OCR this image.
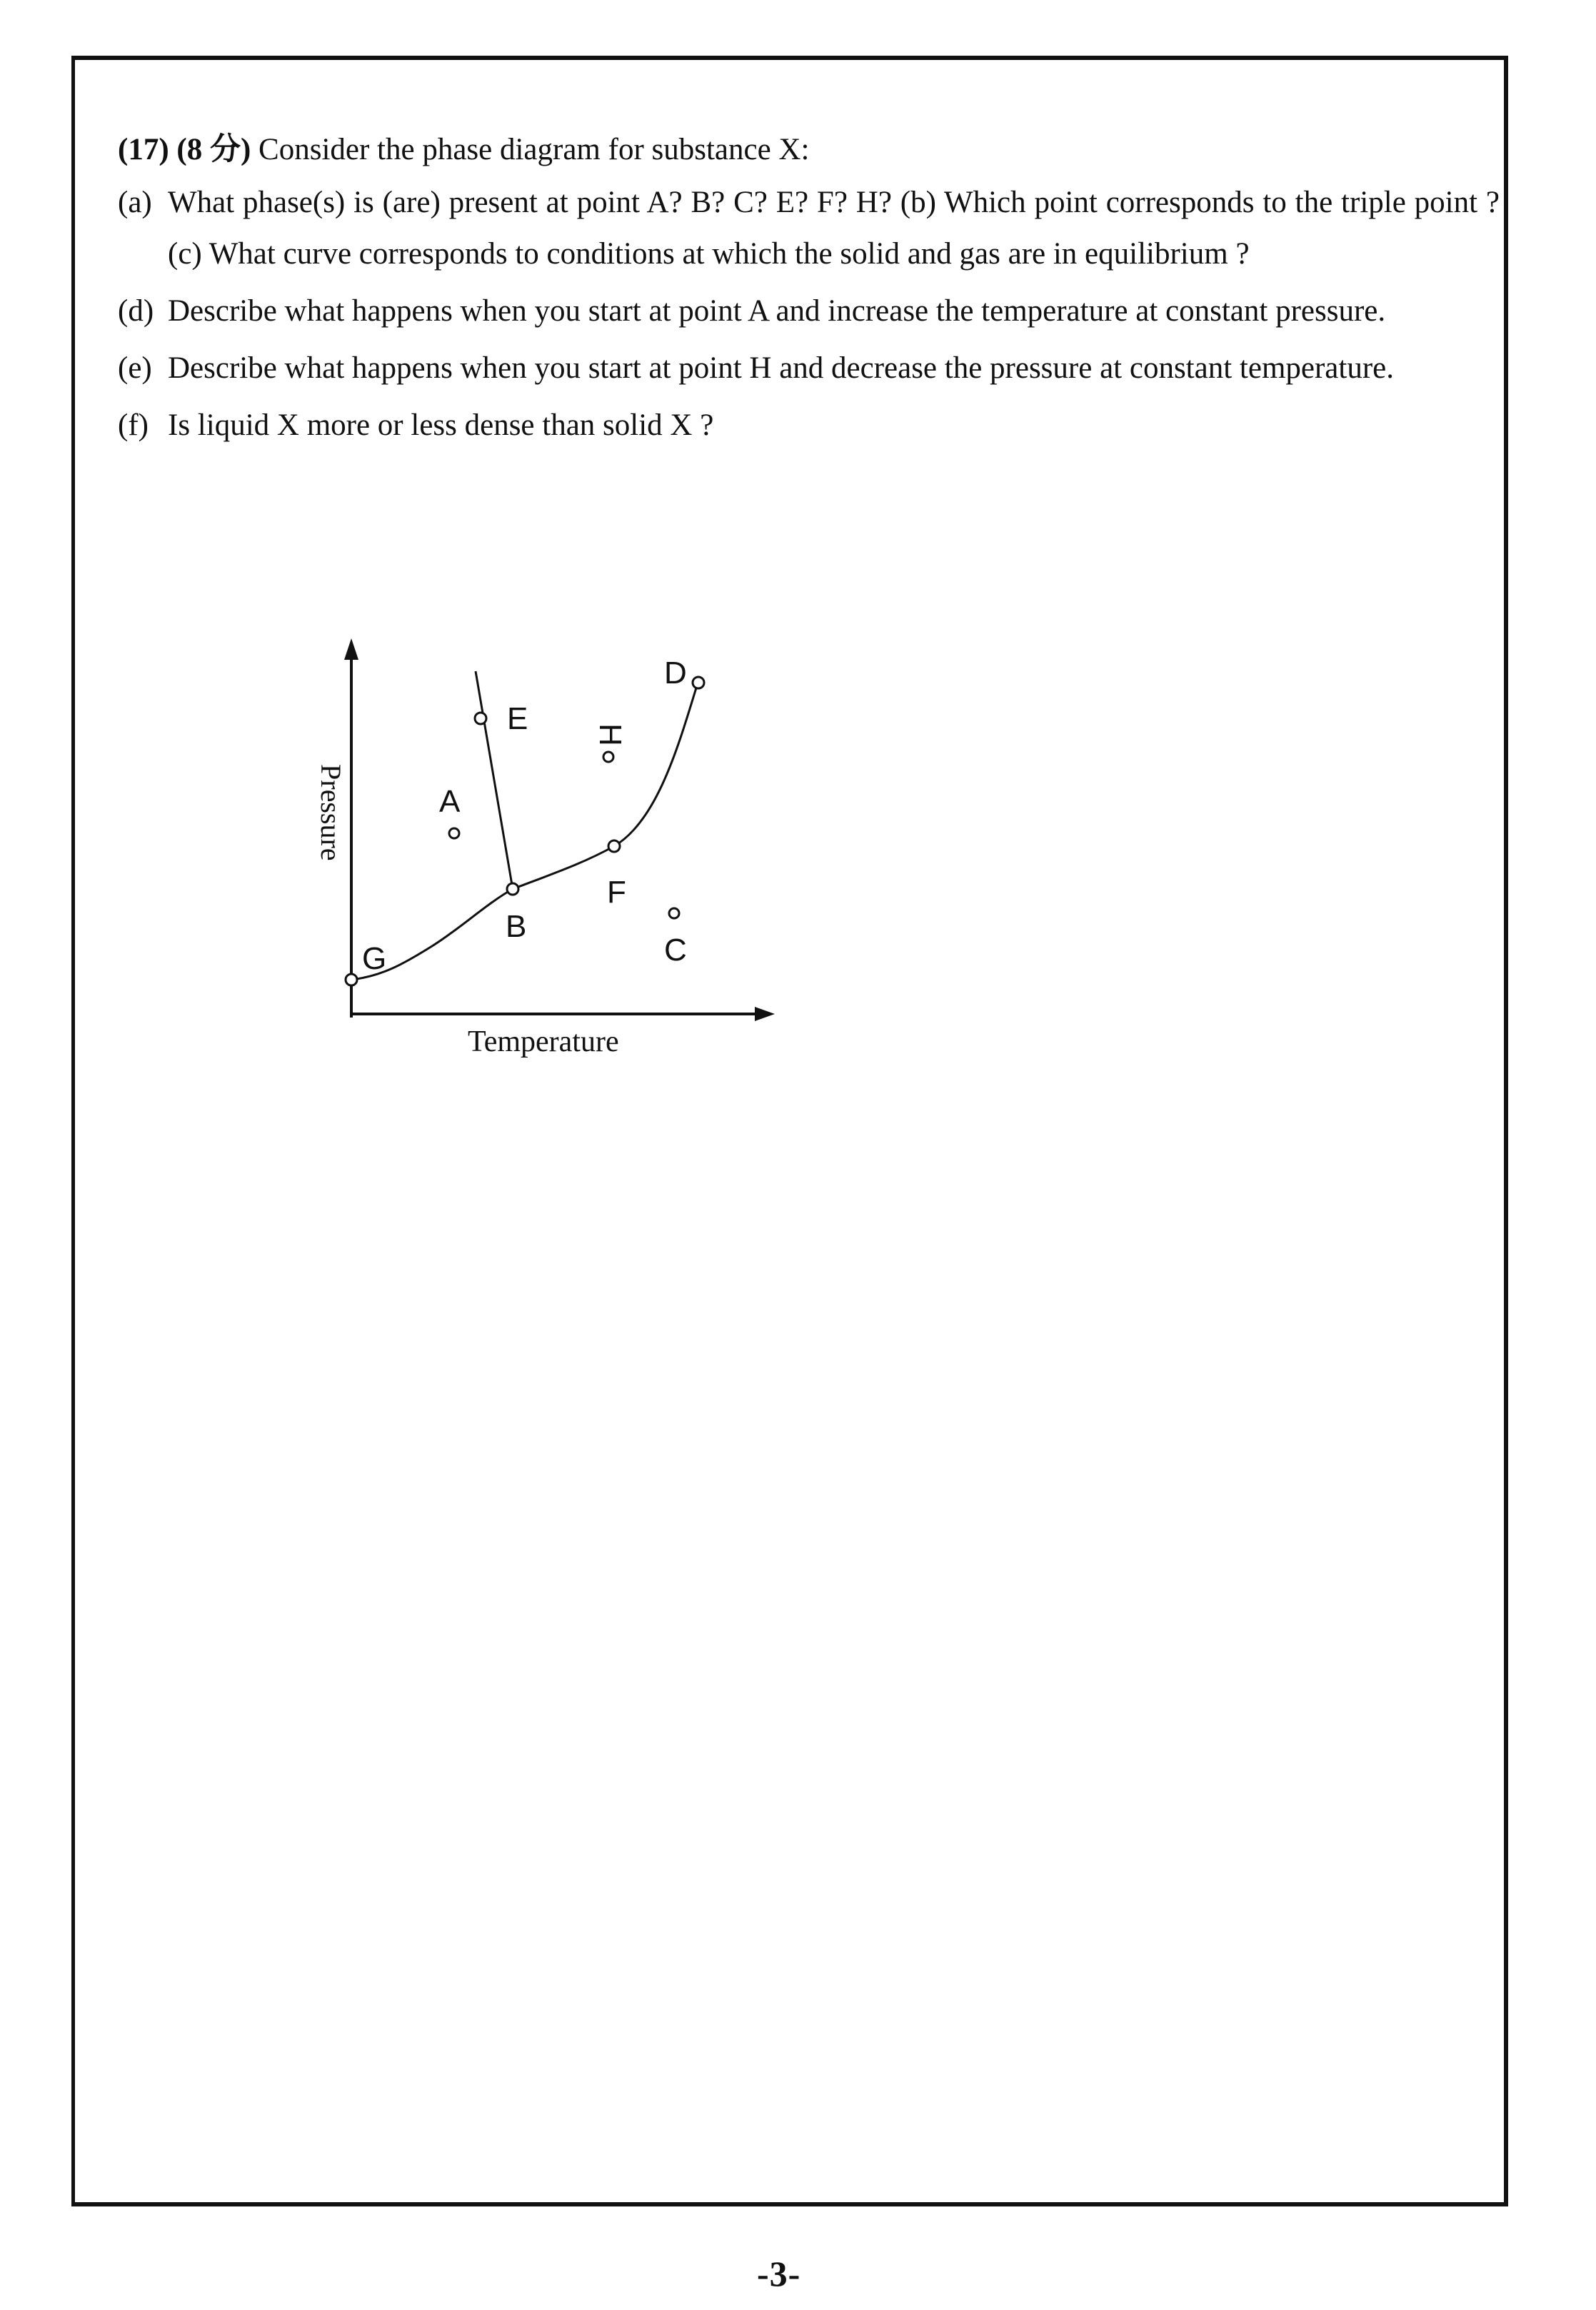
(17) (8 分) Consider the phase diagram for substance X:

(a) What phase(s) is (are) present at point A? B? C? E? F? H? (b) Which point corresponds to the triple point ? (c) What curve corresponds to conditions at which the solid and gas are in equilibrium ?

(d) Describe what happens when you start at point A and increase the temperature at constant pressure.

(e) Describe what happens when you start at point H and decrease the pressure at constant temperature.

(f) Is liquid X more or less dense than solid X ?

A
E H
D
F
B
C
G
Temperature
Pressure
-3-
